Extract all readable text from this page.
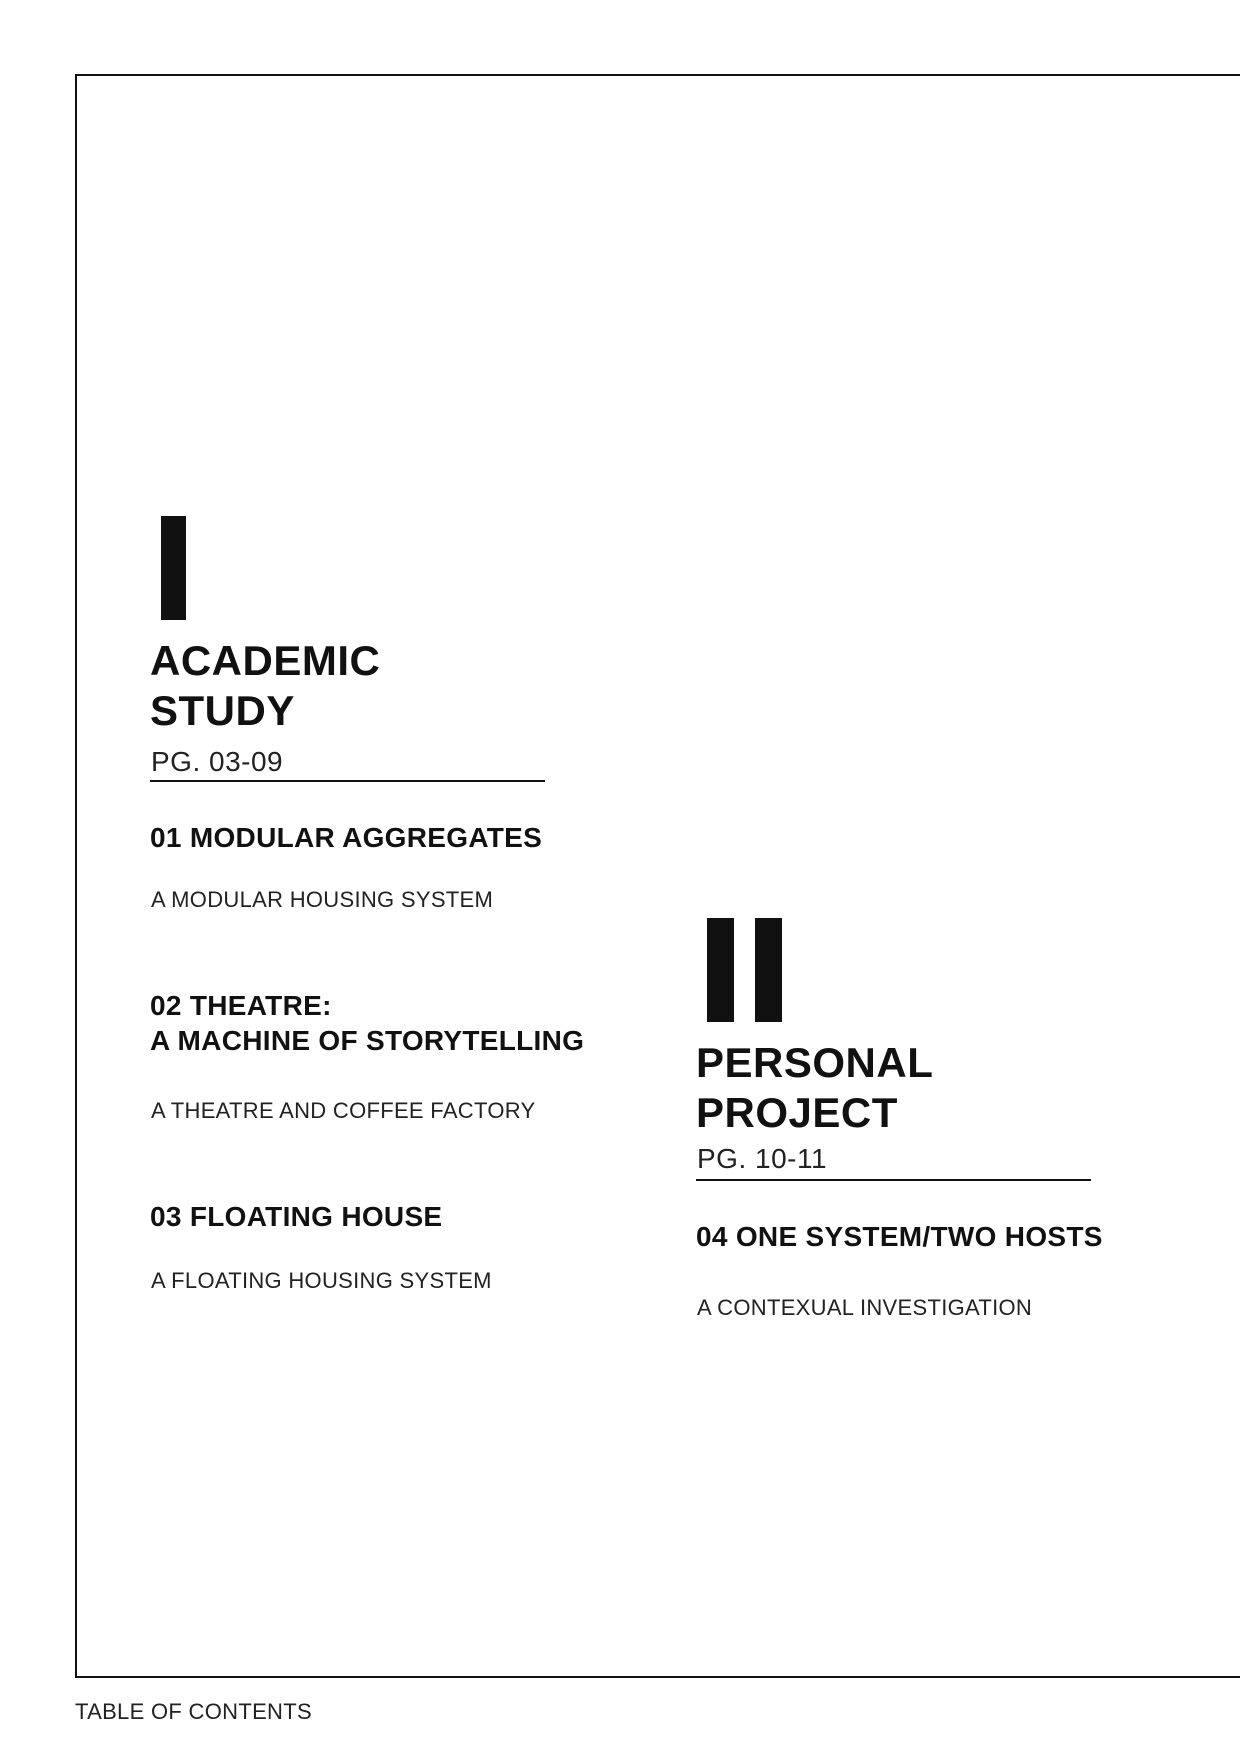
ACADEMIC
STUDY
PG. 03-09
01 MODULAR AGGREGATES
A MODULAR HOUSING SYSTEM
02 THEATRE:
A MACHINE OF STORYTELLING
A THEATRE AND COFFEE FACTORY
03 FLOATING HOUSE
A FLOATING HOUSING SYSTEM
PERSONAL
PROJECT
PG. 10-11
04 ONE SYSTEM/TWO HOSTS
A CONTEXUAL INVESTIGATION
TABLE OF CONTENTS
